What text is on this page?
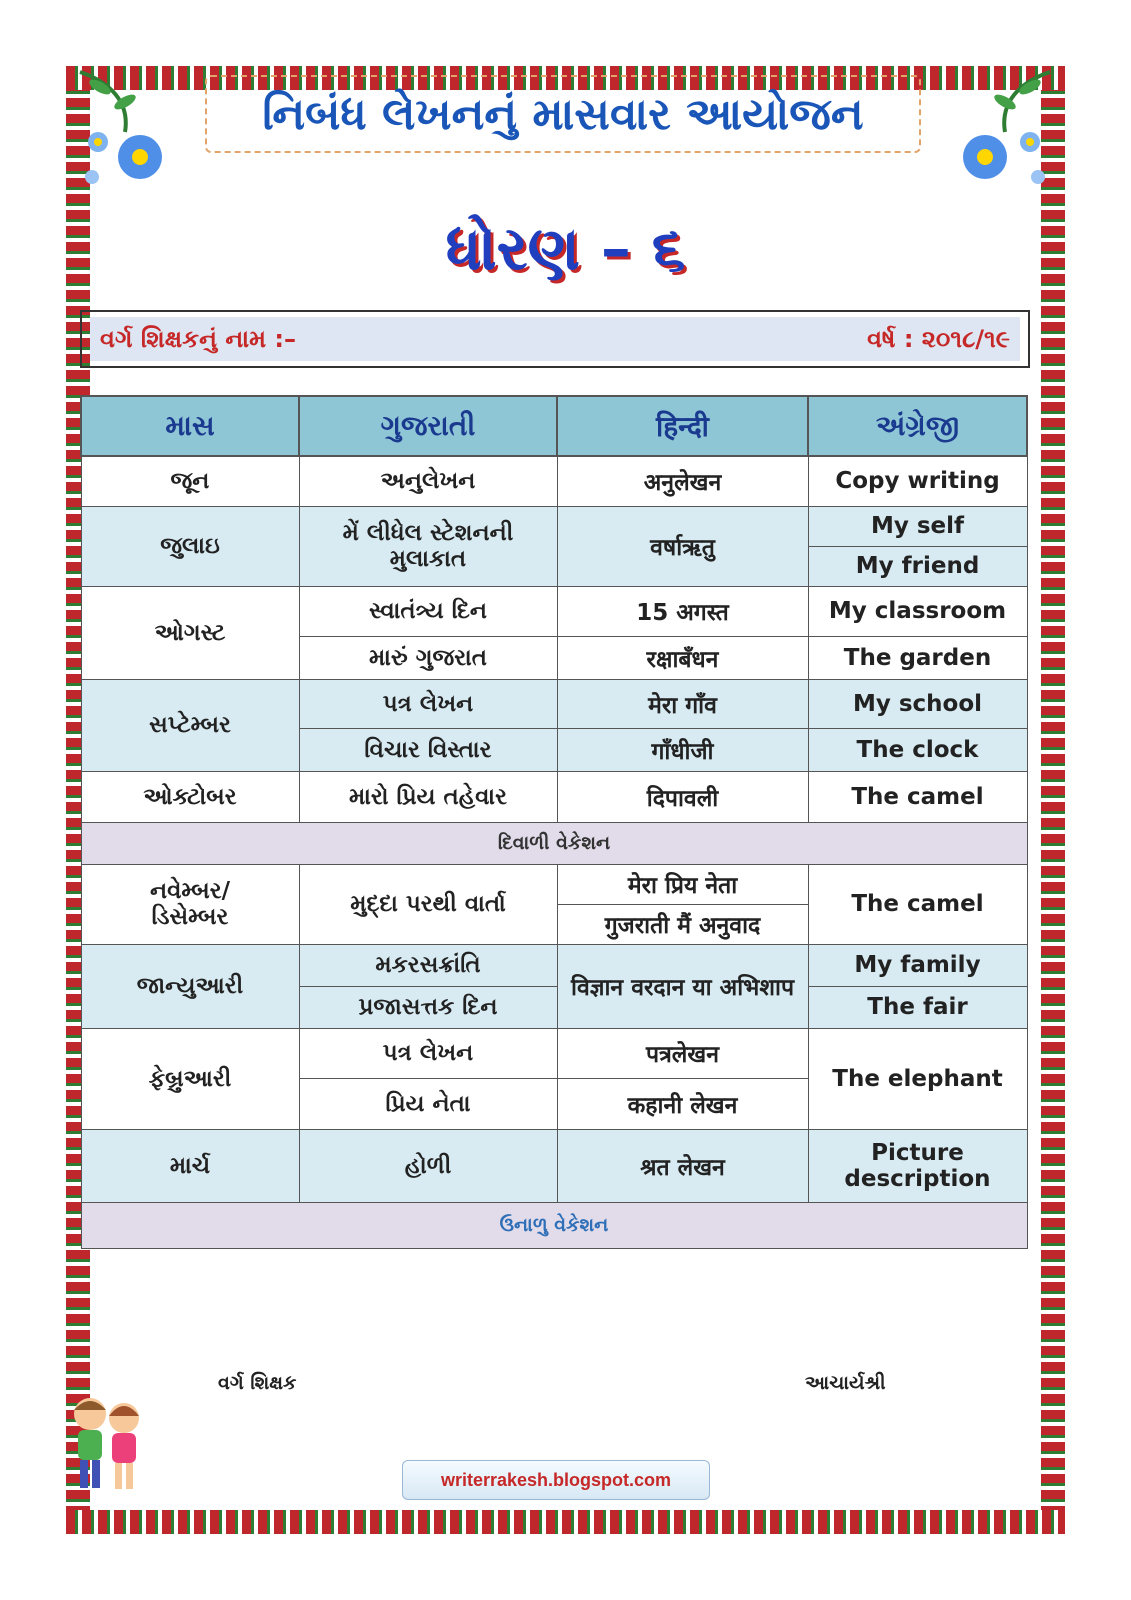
નિબંધ લેખનનું માસવાર આયોજન
ધોરણ – ૬
વર્ગ શિક્ષકનું નામ :–	વર્ષ : ૨૦૧૮/૧૯
માસ	ગુજરાતી	हिन्दी	અંગ્રેજી
જૂન	અનુલેખન	अनुलेखन	Copy writing
જુલાઇ	મેં લીધેલ સ્ટેશનની મુલાકાત	वर्षाऋतु	My self
			My friend
ઓગસ્ટ	સ્વાતંત્ર્ય દિન	15 अगस्त	My classroom
	મારું ગુજરાત	रक्षाबँधन	The garden
સપ્ટેમ્બર	પત્ર લેખન	मेरा गाँव	My school
	વિચાર વિસ્તાર	गाँधीजी	The clock
ઓક્ટોબર	મારો પ્રિય તહેવાર	दिपावली	The camel
દિવાળી વેકેશન			

નવેમ્બર/
ડિસેમ્બર	મુદ્દા પરથી વાર્તા	मेरा प्रिय नेता	The camel
		गुजराती मैं अनुवाद	
જાન્યુઆરી	મકરસક્રાંતિ	विज्ञान वरदान या अभिशाप	My family
	પ્રજાસત્તક દિન		The fair
ફેબ્રુઆરી	પત્ર લેખન	पत्रलेखन	The elephant
	પ્રિય નેતા	कहानी लेखन	
માર્ચ	હોળી	श्रत लेखन	Picture description
ઉનાળુ વેકેશન			
વર્ગ શિક્ષક	આચાર્યશ્રી
writerrakesh.blogspot.com
